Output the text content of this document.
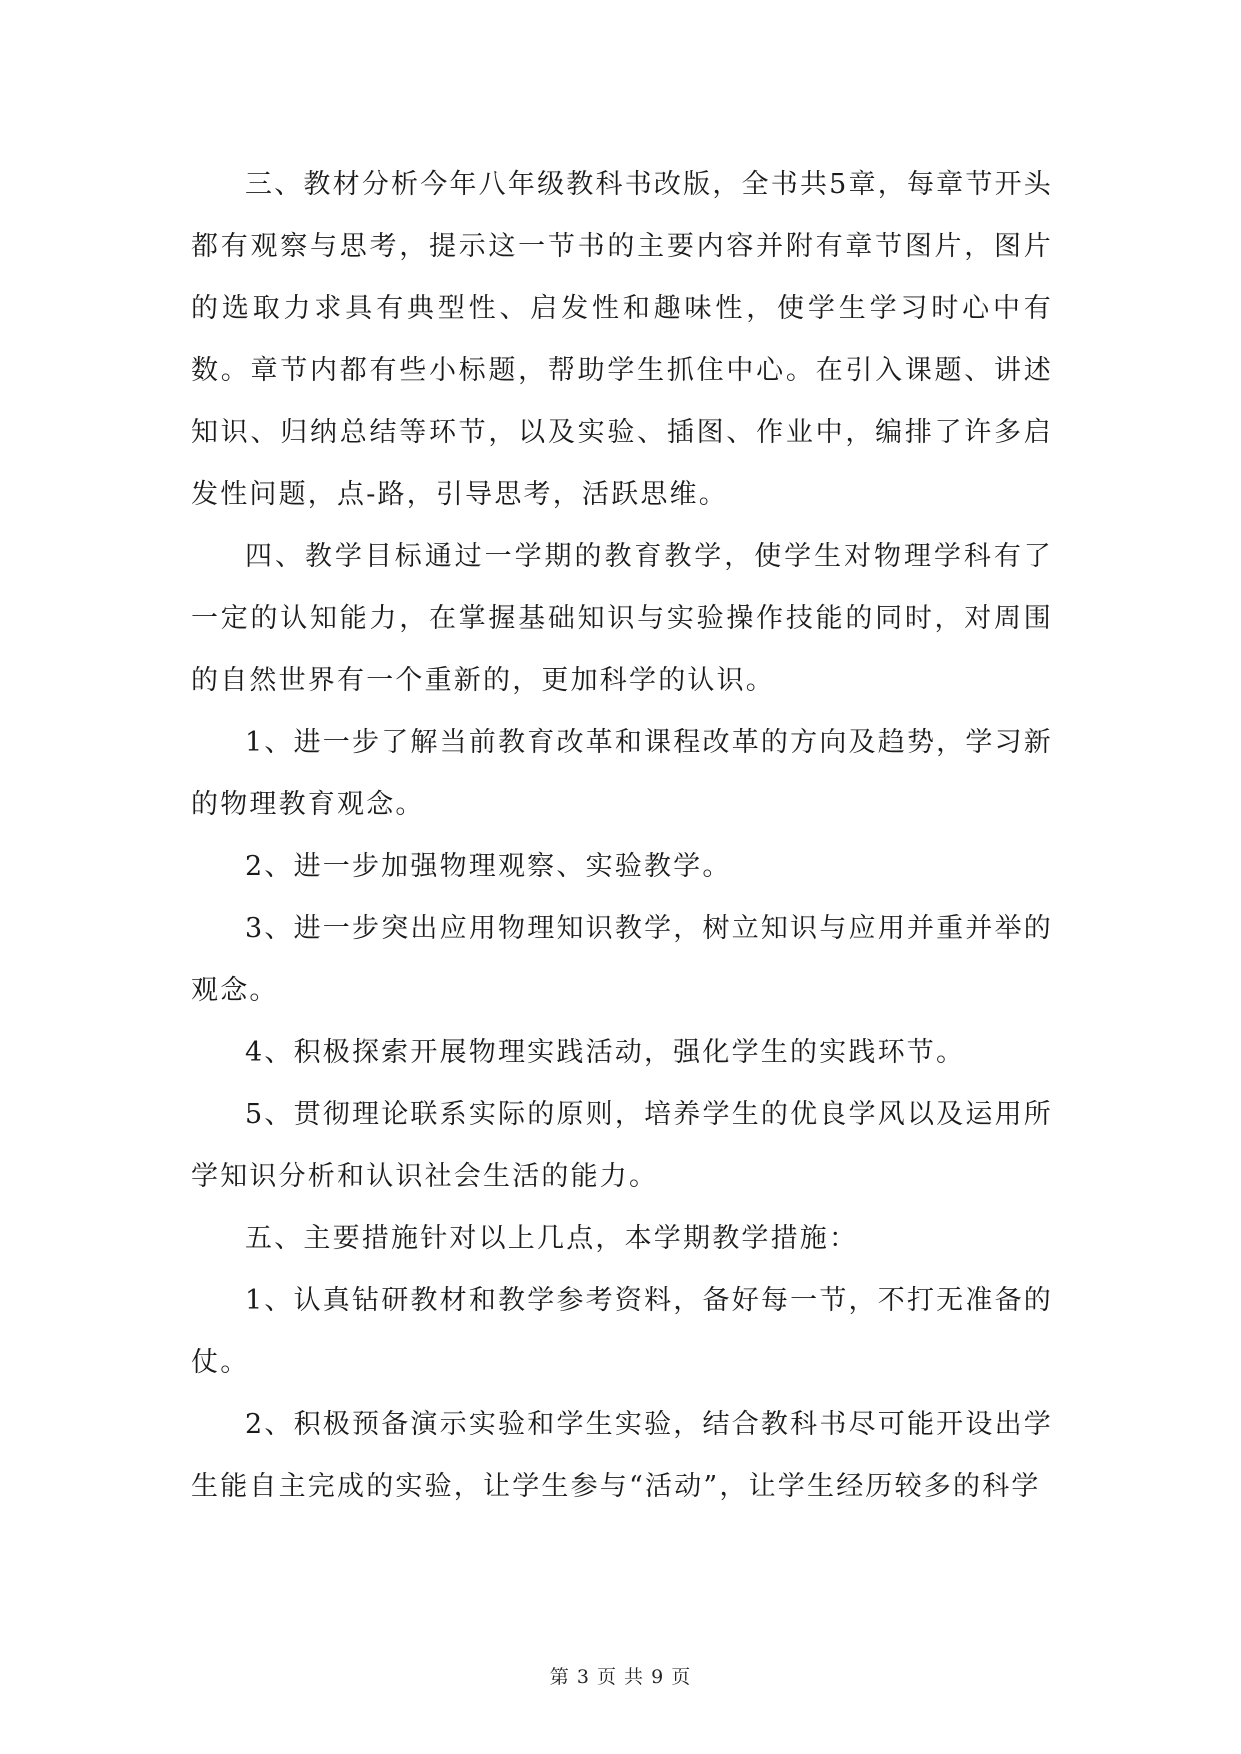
三、教材分析今年八年级教科书改版，全书共5章，每章节开头都有观察与思考，提示这一节书的主要内容并附有章节图片，图片的选取力求具有典型性、启发性和趣味性，使学生学习时心中有数。章节内都有些小标题，帮助学生抓住中心。在引入课题、讲述知识、归纳总结等环节，以及实验、插图、作业中，编排了许多启发性问题，点-路，引导思考，活跃思维。

四、教学目标通过一学期的教育教学，使学生对物理学科有了一定的认知能力，在掌握基础知识与实验操作技能的同时，对周围的自然世界有一个重新的，更加科学的认识。

1、进一步了解当前教育改革和课程改革的方向及趋势，学习新的物理教育观念。

2、进一步加强物理观察、实验教学。

3、进一步突出应用物理知识教学，树立知识与应用并重并举的观念。

4、积极探索开展物理实践活动，强化学生的实践环节。

5、贯彻理论联系实际的原则，培养学生的优良学风以及运用所学知识分析和认识社会生活的能力。

五、主要措施针对以上几点，本学期教学措施：

1、认真钻研教材和教学参考资料，备好每一节，不打无准备的仗。

2、积极预备演示实验和学生实验，结合教科书尽可能开设出学生能自主完成的实验，让学生参与“活动”，让学生经历较多的科学

第 3 页 共 9 页
